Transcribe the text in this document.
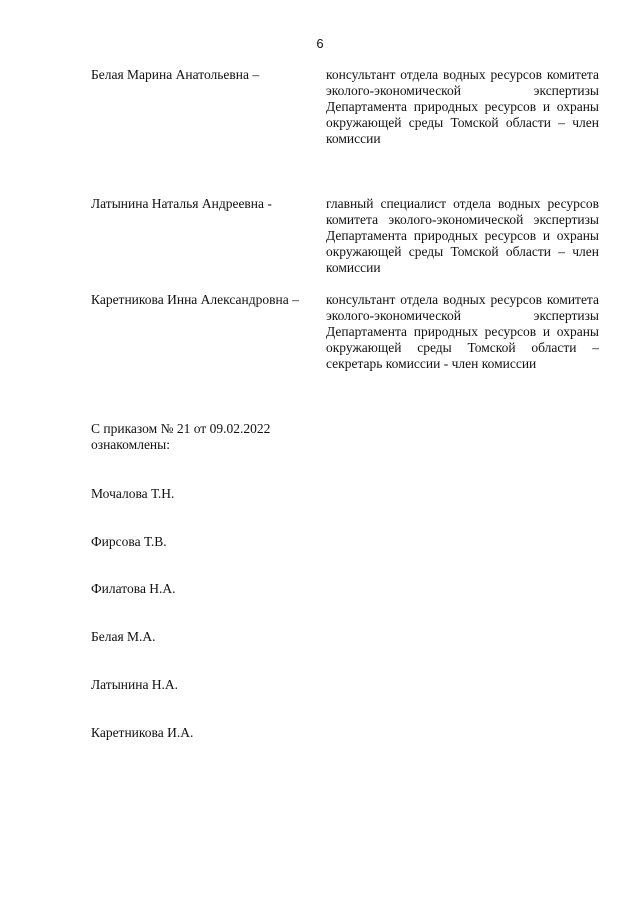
6
Белая Марина Анатольевна –	консультант отдела водных ресурсов комитета эколого-экономической экспертизы Департамента природных ресурсов и охраны окружающей среды Томской области – член комиссии
Латынина Наталья Андреевна -	главный специалист отдела водных ресурсов комитета эколого-экономической экспертизы Департамента природных ресурсов и охраны окружающей среды Томской области – член комиссии
Каретникова Инна Александровна –	консультант отдела водных ресурсов комитета эколого-экономической экспертизы Департамента природных ресурсов и охраны окружающей среды Томской области – секретарь комиссии - член комиссии
С приказом № 21 от 09.02.2022
ознакомлены:
Мочалова Т.Н.
Фирсова Т.В.
Филатова Н.А.
Белая М.А.
Латынина Н.А.
Каретникова И.А.
